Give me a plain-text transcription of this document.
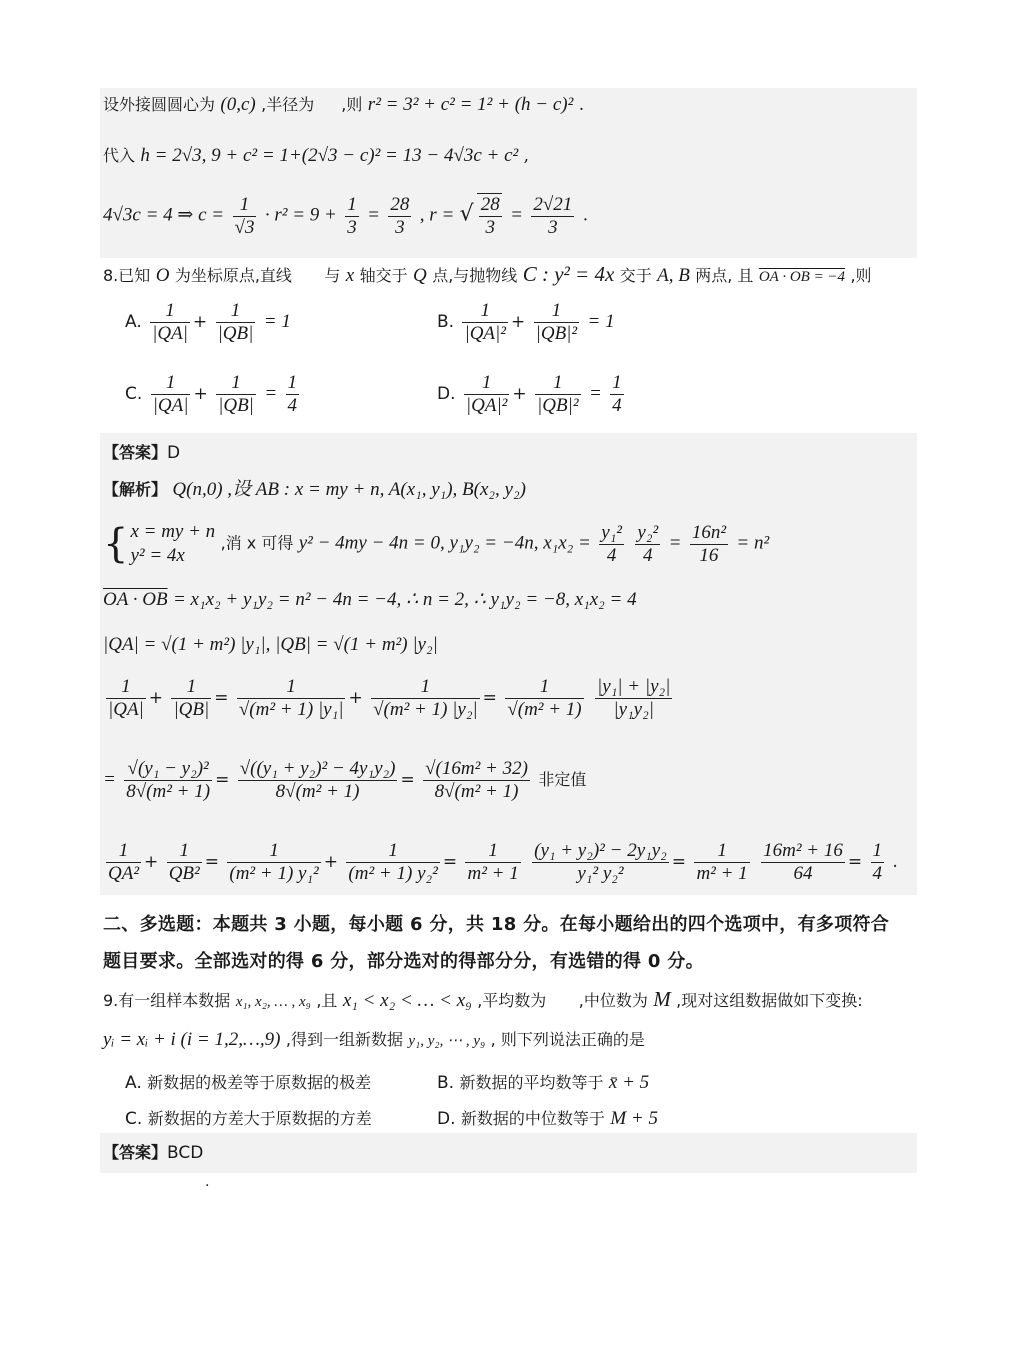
设外接圆圆心为 (0,c) ,半径为 ,则 r² = 3² + c² = 1² + (h − c)² .
代入 h = 2√3, 9 + c² = 1+(2√3 − c)² = 13 − 4√3c + c² ,
4√3c = 4 ⇒ $c = \frac{1}{√3} \cdot r^2 = 9 + \frac{1}{3} = \frac{28}{3}$ , r = √ $\frac{28}{3} = \frac{2√21}{3}$ .
8.已知 O 为坐标原点,直线 与 x 轴交于 Q 点,与抛物线 C : y² = 4x 交于 A, B 两点, 且 OA · OB = −4 ,则
A. $\frac{1}{|QA|} + \frac{1}{|QB|} = 1$	B. $\frac{1}{\text{|QA|²}} + \frac{1}{\text{|QB|²}} = 1$
C. $\frac{1}{|QA|} + \frac{1}{|QB|} = \frac{1}{4}$	D. $\frac{1}{\text{|QA|²}} + \frac{1}{\text{|QB|²}} = \frac{1}{4}$
【答案】D
【解析】 Q(n,0) ,设 AB : x = my + n, A(x₁, y₁), B(x₂, y₂)
{ x = my + n
y² = 4x
,消 x 可得 y² − 4my − 4n = 0, y₁y₂ = −4n, $x_1x_2 = \frac{\text{y₁²}}{4}$
$\frac{\text{y₂²}}{4} = \frac{\text{16n²}}{16} = n^2$
OA · OB = x₁x₂ + y₁y₂ = n² − 4n = −4, ∴ n = 2, ∴ y₁y₂ = −8, x₁x₂ = 4
|QA| = √(1 + m²) |y₁|, |QB| = √(1 + m²) |y₂|
$\frac{1}{|QA|} + \frac{1}{|QB|} = \frac{1}{\text{√(m² + 1) |y₁|}} + \frac{1}{\text{√(m² + 1) |y₂|}} = \frac{1}{\text{√(m² + 1)}}$
$\frac{\text{|y₁| + |y₂|}}{\text{|y₁y₂|}}$
= $\frac{\text{√(y₁ − y₂)²}}{\text{8√(m² + 1)}} = \frac{\text{√((y₁ + y₂)² − 4y₁y₂)}}{\text{8√(m² + 1)}} = \frac{\text{√(16m² + 32)}}{\text{8√(m² + 1)}}$ 非定值
$\frac{1}{\text{QA²}} + \frac{1}{\text{QB²}} = \frac{1}{\text{(m² + 1) y₁²}} + \frac{1}{\text{(m² + 1) y₂²}} = \frac{1}{\text{m² + 1}}$
$\frac{\text{(y₁ + y₂)² − 2y₁y₂}}{\text{y₁² y₂²}} = \frac{1}{\text{m² + 1}}$
$\frac{\text{16m² + 16}}{64} = \frac{1}{4}$ .
二、多选题：本题共 3 小题，每小题 6 分，共 18 分。在每小题给出的四个选项中，有多项符合
题目要求。全部选对的得 6 分，部分选对的得部分分，有选错的得 0 分。
9.有一组样本数据 x₁, x₂, … , x₉ ,且 x₁ < x₂ < … < x₉ ,平均数为 ,中位数为 M ,现对这组数据做如下变换:
yᵢ = xᵢ + i (i = 1,2,…,9) ,得到一组新数据 y₁, y₂, ⋯ , y₉ , 则下列说法正确的是
A. 新数据的极差等于原数据的极差	B. 新数据的平均数等于 x̄ + 5
C. 新数据的方差大于原数据的方差	D. 新数据的中位数等于 M + 5
【答案】BCD
.
